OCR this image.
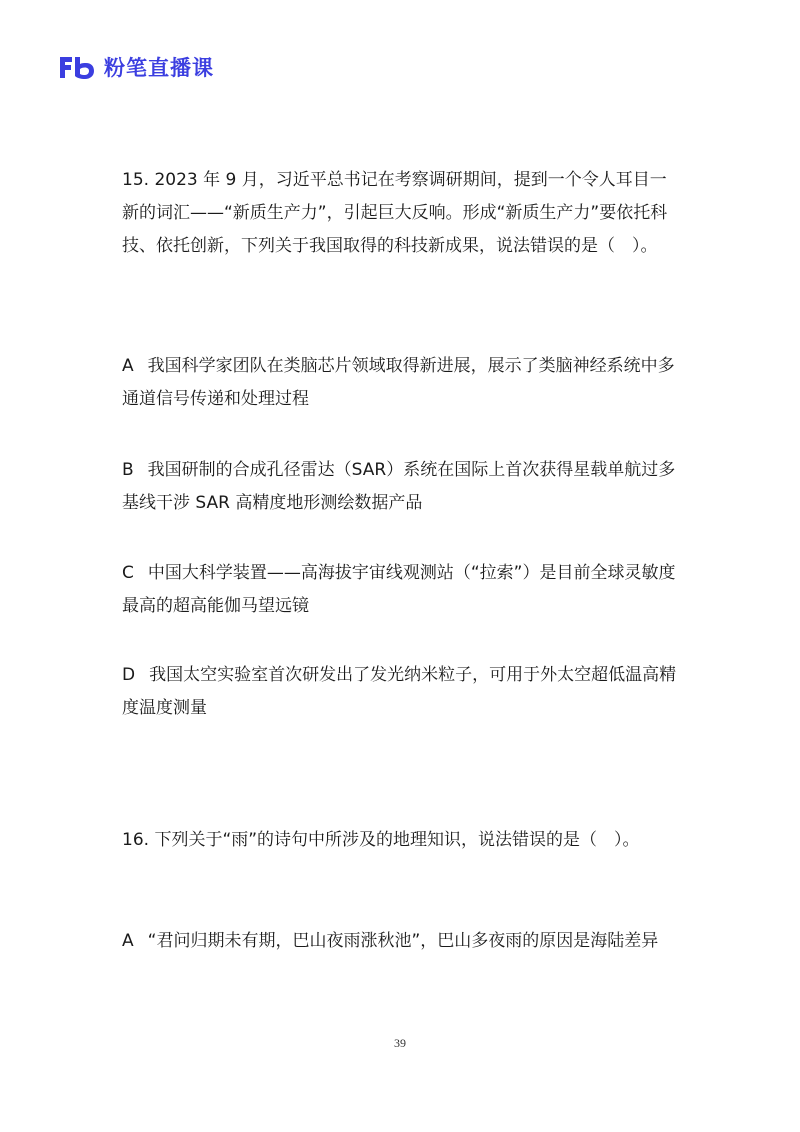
粉笔直播课

15. 2023 年 9 月，习近平总书记在考察调研期间，提到一个令人耳目一新的词汇——“新质生产力”，引起巨大反响。形成“新质生产力”要依托科技、依托创新，下列关于我国取得的科技新成果，说法错误的是（　）。

A 我国科学家团队在类脑芯片领域取得新进展，展示了类脑神经系统中多通道信号传递和处理过程

B 我国研制的合成孔径雷达（SAR）系统在国际上首次获得星载单航过多基线干涉 SAR 高精度地形测绘数据产品

C 中国大科学装置——高海拔宇宙线观测站（“拉索”）是目前全球灵敏度最高的超高能伽马望远镜

D 我国太空实验室首次研发出了发光纳米粒子，可用于外太空超低温高精度温度测量

16. 下列关于“雨”的诗句中所涉及的地理知识，说法错误的是（　）。

A “君问归期未有期，巴山夜雨涨秋池”，巴山多夜雨的原因是海陆差异

39
